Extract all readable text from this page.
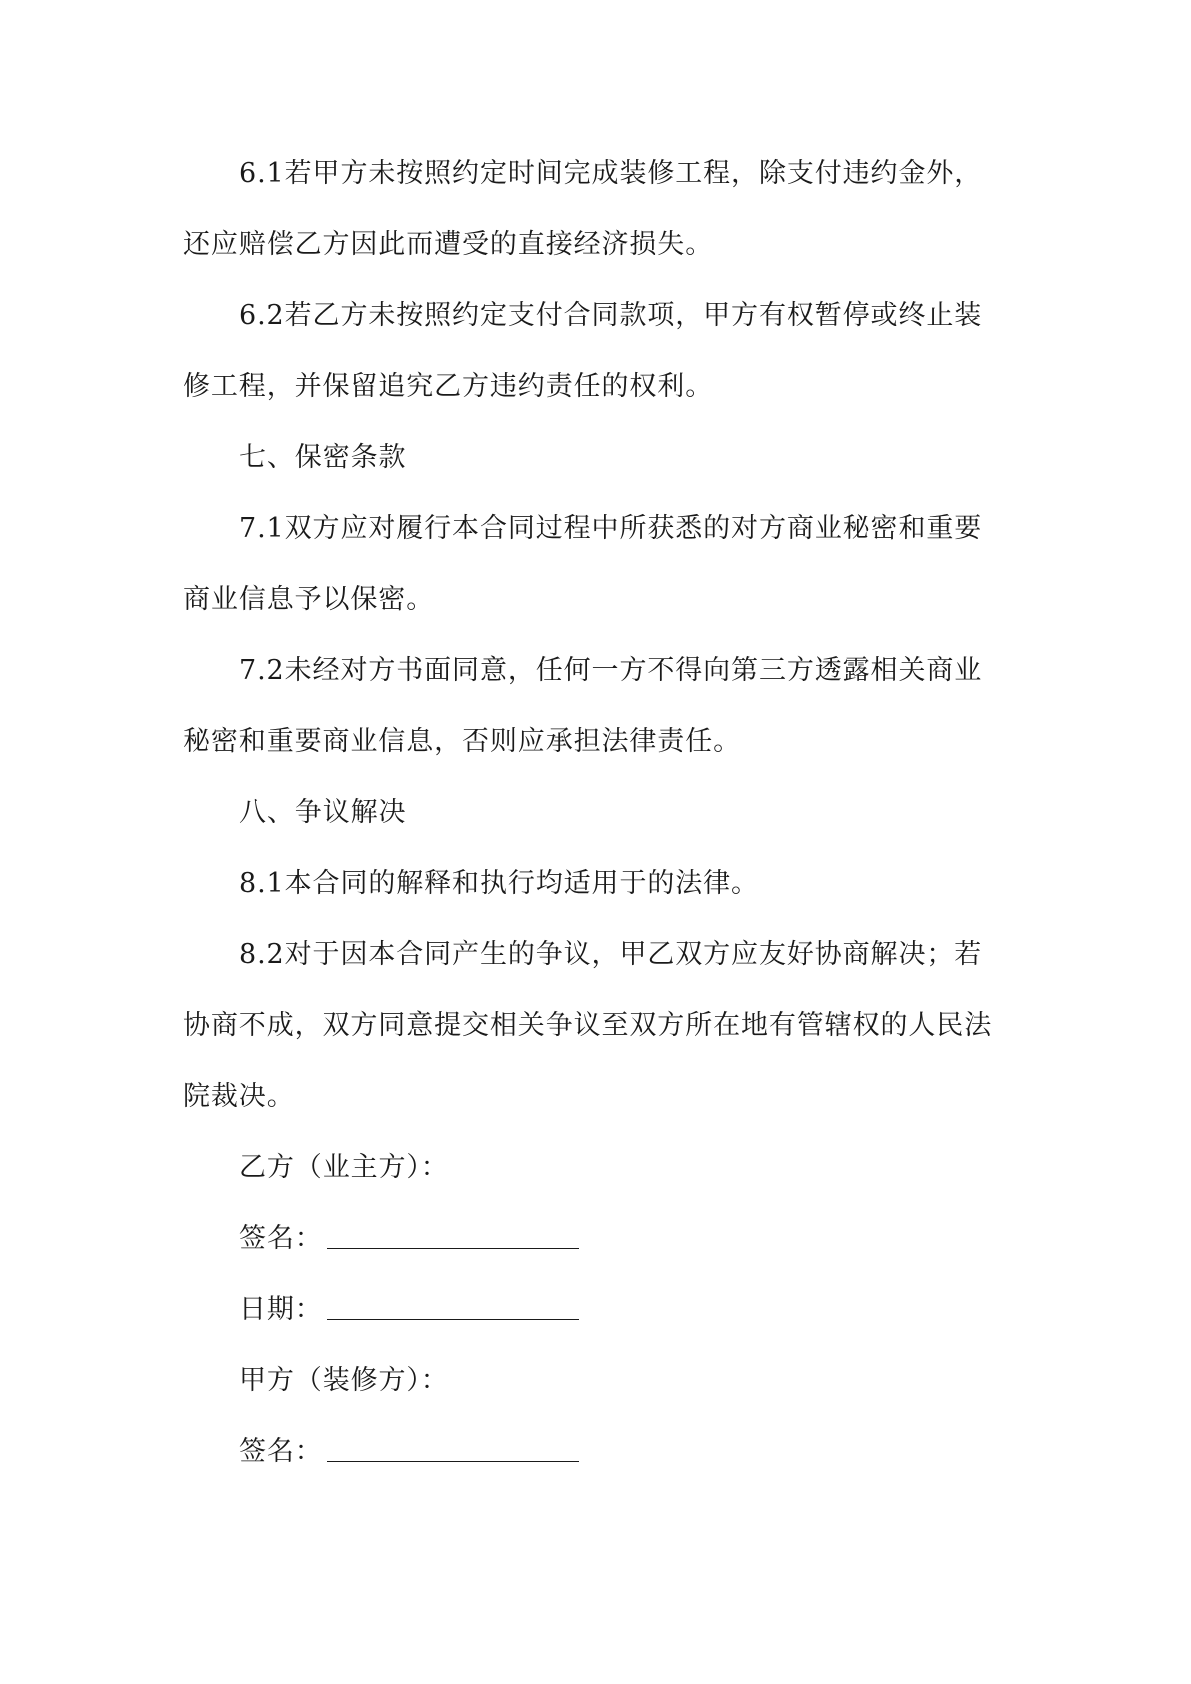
6.1若甲方未按照约定时间完成装修工程，除支付违约金外，还应赔偿乙方因此而遭受的直接经济损失。

6.2若乙方未按照约定支付合同款项，甲方有权暂停或终止装修工程，并保留追究乙方违约责任的权利。

七、保密条款

7.1双方应对履行本合同过程中所获悉的对方商业秘密和重要商业信息予以保密。

7.2未经对方书面同意，任何一方不得向第三方透露相关商业秘密和重要商业信息，否则应承担法律责任。

八、争议解决

8.1本合同的解释和执行均适用于的法律。

8.2对于因本合同产生的争议，甲乙双方应友好协商解决；若协商不成，双方同意提交相关争议至双方所在地有管辖权的人民法院裁决。

乙方（业主方）：

签名：
日期：

甲方（装修方）：

签名：
